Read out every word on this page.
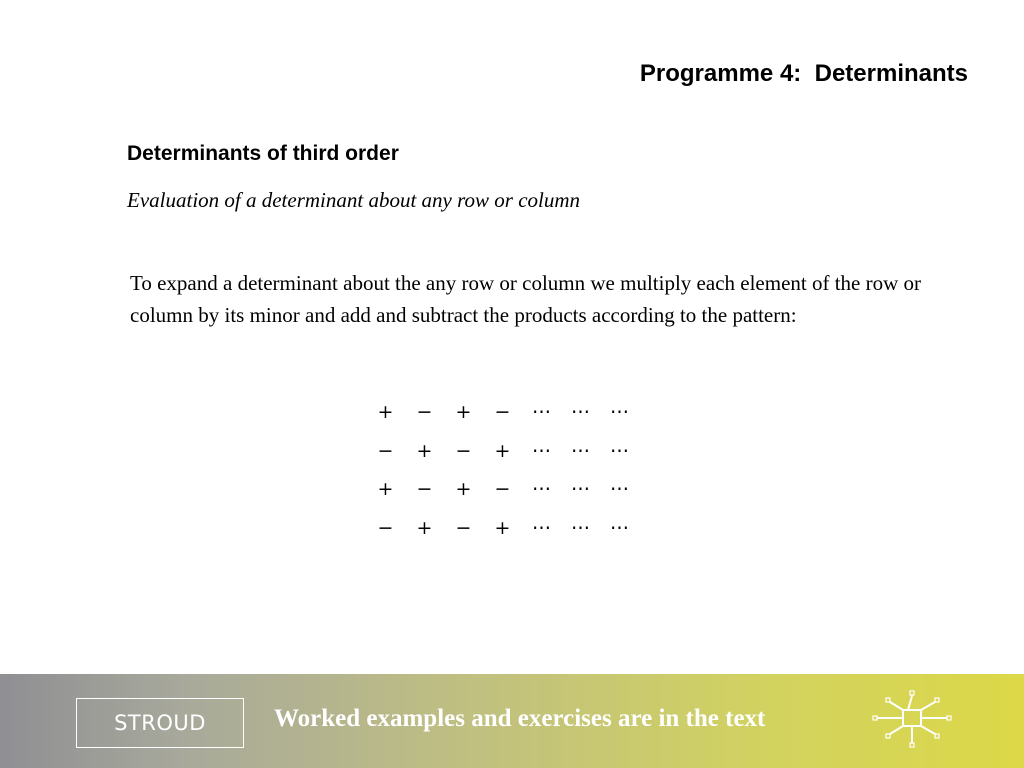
Programme 4:  Determinants
Determinants of third order
Evaluation of a determinant about any row or column

To expand a determinant about the any row or column we multiply each element of the row or column by its minor and add and subtract the products according to the pattern:

+	−	+	−	⋯	⋯	⋯
−	+	−	+	⋯	⋯	⋯
+	−	+	−	⋯	⋯	⋯
−	+	−	+	⋯	⋯	⋯
STROUD	Worked examples and exercises are in the text
